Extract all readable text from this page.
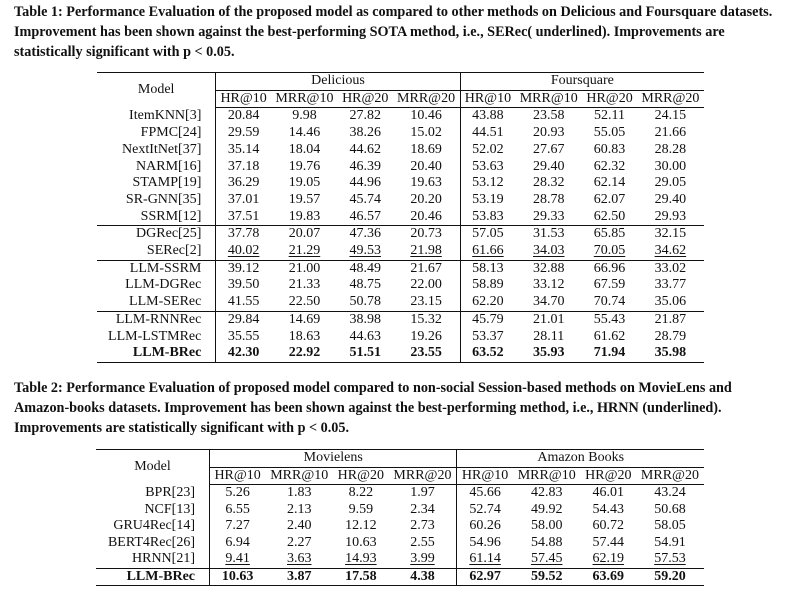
Table 1: Performance Evaluation of the proposed model as compared to other methods on Delicious and Foursquare datasets. Improvement has been shown against the best-performing SOTA method, i.e., SERec( underlined). Improvements are statistically significant with p < 0.05.

Model	Delicious				Foursquare			
	HR@10	MRR@10	HR@20	MRR@20	HR@10	MRR@10	HR@20	MRR@20
ItemKNN[3]	20.84	9.98	27.82	10.46	43.88	23.58	52.11	24.15
FPMC[24]	29.59	14.46	38.26	15.02	44.51	20.93	55.05	21.66
NextItNet[37]	35.14	18.04	44.62	18.69	52.02	27.67	60.83	28.28
NARM[16]	37.18	19.76	46.39	20.40	53.63	29.40	62.32	30.00
STAMP[19]	36.29	19.05	44.96	19.63	53.12	28.32	62.14	29.05
SR-GNN[35]	37.01	19.57	45.74	20.20	53.19	28.78	62.07	29.40
SSRM[12]	37.51	19.83	46.57	20.46	53.83	29.33	62.50	29.93
DGRec[25]	37.78	20.07	47.36	20.73	57.05	31.53	65.85	32.15
SERec[2]	40.02	21.29	49.53	21.98	61.66	34.03	70.05	34.62
LLM-SSRM	39.12	21.00	48.49	21.67	58.13	32.88	66.96	33.02
LLM-DGRec	39.50	21.33	48.75	22.00	58.89	33.12	67.59	33.77
LLM-SERec	41.55	22.50	50.78	23.15	62.20	34.70	70.74	35.06
LLM-RNNRec	29.84	14.69	38.98	15.32	45.79	21.01	55.43	21.87
LLM-LSTMRec	35.55	18.63	44.63	19.26	53.37	28.11	61.62	28.79
LLM-BRec	42.30	22.92	51.51	23.55	63.52	35.93	71.94	35.98

Table 2: Performance Evaluation of proposed model compared to non-social Session-based methods on MovieLens and Amazon-books datasets. Improvement has been shown against the best-performing method, i.e., HRNN (underlined). Improvements are statistically significant with p < 0.05.

Model	Movielens				Amazon Books			
	HR@10	MRR@10	HR@20	MRR@20	HR@10	MRR@10	HR@20	MRR@20
BPR[23]	5.26	1.83	8.22	1.97	45.66	42.83	46.01	43.24
NCF[13]	6.55	2.13	9.59	2.34	52.74	49.92	54.43	50.68
GRU4Rec[14]	7.27	2.40	12.12	2.73	60.26	58.00	60.72	58.05
BERT4Rec[26]	6.94	2.27	10.63	2.55	54.96	54.88	57.44	54.91
HRNN[21]	9.41	3.63	14.93	3.99	61.14	57.45	62.19	57.53
LLM-BRec	10.63	3.87	17.58	4.38	62.97	59.52	63.69	59.20
